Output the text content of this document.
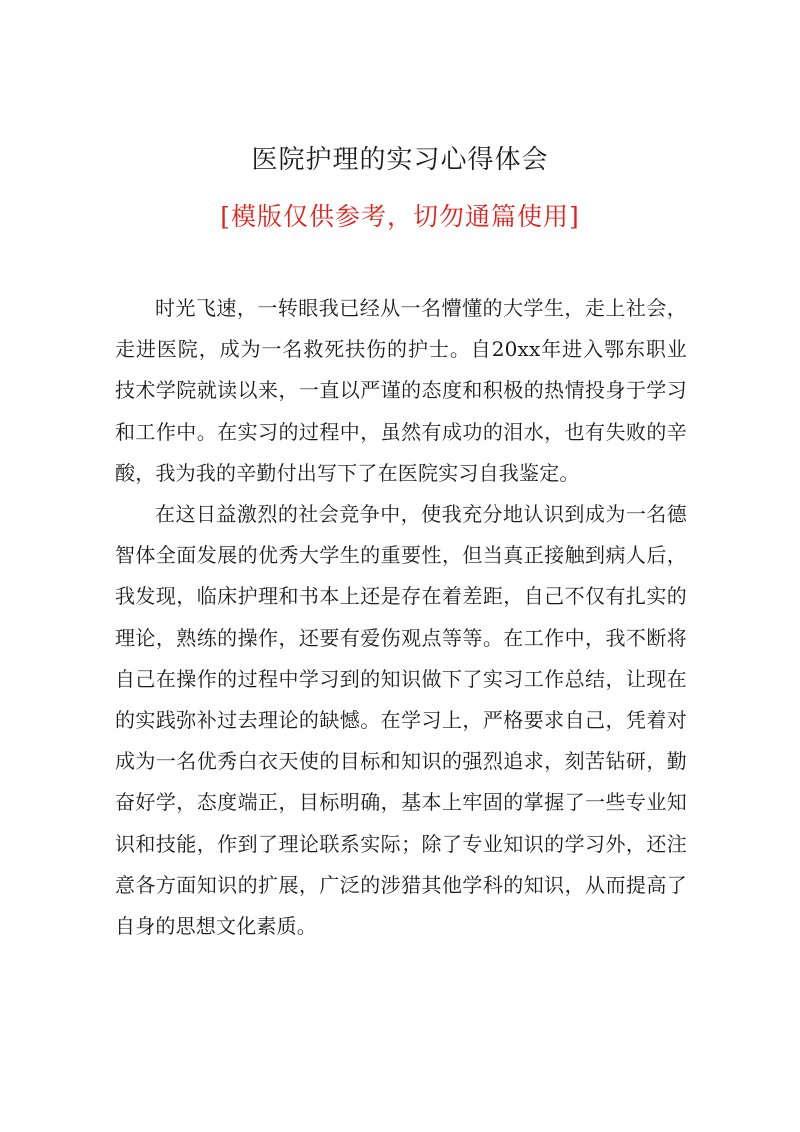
医院护理的实习心得体会
[模版仅供参考，切勿通篇使用]

时光飞速，一转眼我已经从一名懵懂的大学生，走上社会，走进医院，成为一名救死扶伤的护士。自20xx年进入鄂东职业技术学院就读以来，一直以严谨的态度和积极的热情投身于学习和工作中。在实习的过程中，虽然有成功的泪水，也有失败的辛酸，我为我的辛勤付出写下了在医院实习自我鉴定。

在这日益激烈的社会竞争中，使我充分地认识到成为一名德智体全面发展的优秀大学生的重要性，但当真正接触到病人后，我发现，临床护理和书本上还是存在着差距，自己不仅有扎实的理论，熟练的操作，还要有爱伤观点等等。在工作中，我不断将自己在操作的过程中学习到的知识做下了实习工作总结，让现在的实践弥补过去理论的缺憾。在学习上，严格要求自己，凭着对成为一名优秀白衣天使的目标和知识的强烈追求，刻苦钻研，勤奋好学，态度端正，目标明确，基本上牢固的掌握了一些专业知识和技能，作到了理论联系实际；除了专业知识的学习外，还注意各方面知识的扩展，广泛的涉猎其他学科的知识，从而提高了自身的思想文化素质。
